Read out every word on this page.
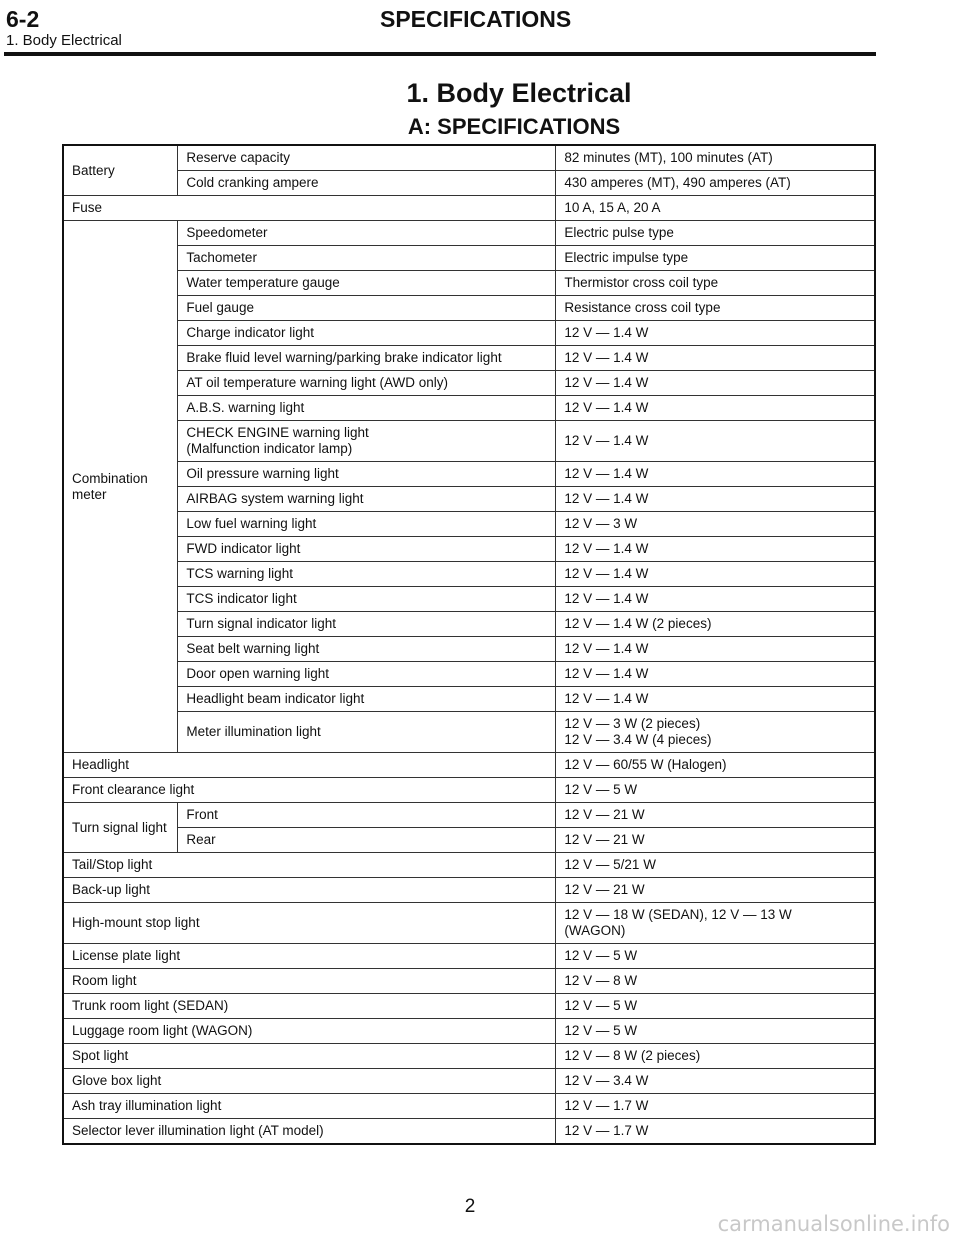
6-2	SPECIFICATIONS
1. Body Electrical
1. Body Electrical
A: SPECIFICATIONS
Battery	Reserve capacity	82 minutes (MT), 100 minutes (AT)
	Cold cranking ampere	430 amperes (MT), 490 amperes (AT)
Fuse		10 A, 15 A, 20 A
Combination
meter	Speedometer	Electric pulse type
	Tachometer	Electric impulse type
	Water temperature gauge	Thermistor cross coil type
	Fuel gauge	Resistance cross coil type
	Charge indicator light	12 V — 1.4 W
	Brake fluid level warning/parking brake indicator light	12 V — 1.4 W
	AT oil temperature warning light (AWD only)	12 V — 1.4 W
	A.B.S. warning light	12 V — 1.4 W
	CHECK ENGINE warning light
(Malfunction indicator lamp)	12 V — 1.4 W
	Oil pressure warning light	12 V — 1.4 W
	AIRBAG system warning light	12 V — 1.4 W
	Low fuel warning light	12 V — 3 W
	FWD indicator light	12 V — 1.4 W
	TCS warning light	12 V — 1.4 W
	TCS indicator light	12 V — 1.4 W
	Turn signal indicator light	12 V — 1.4 W (2 pieces)
	Seat belt warning light	12 V — 1.4 W
	Door open warning light	12 V — 1.4 W
	Headlight beam indicator light	12 V — 1.4 W
	Meter illumination light	12 V — 3 W (2 pieces)
12 V — 3.4 W (4 pieces)
Headlight		12 V — 60/55 W (Halogen)
Front clearance light		12 V — 5 W
Turn signal light	Front	12 V — 21 W
	Rear	12 V — 21 W
Tail/Stop light		12 V — 5/21 W
Back-up light		12 V — 21 W
High-mount stop light		12 V — 18 W (SEDAN), 12 V — 13 W
(WAGON)
License plate light		12 V — 5 W
Room light		12 V — 8 W
Trunk room light (SEDAN)		12 V — 5 W
Luggage room light (WAGON)		12 V — 5 W
Spot light		12 V — 8 W (2 pieces)
Glove box light		12 V — 3.4 W
Ash tray illumination light		12 V — 1.7 W
Selector lever illumination light (AT model)		12 V — 1.7 W
2
carmanualsonline.info
